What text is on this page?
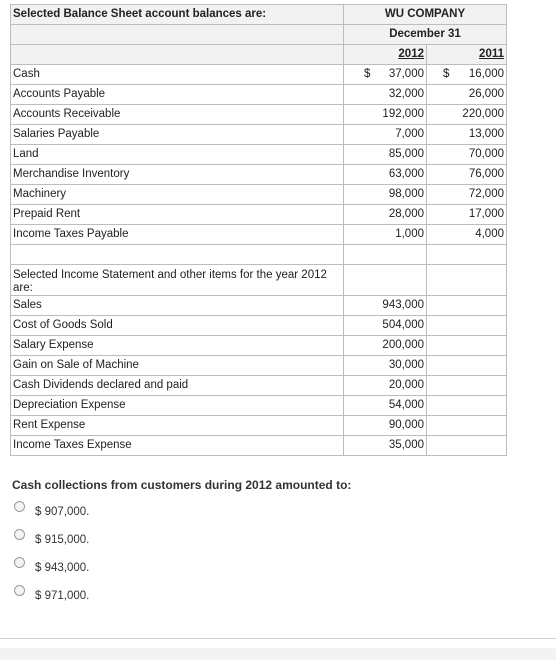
Selected Balance Sheet account balances are:	WU COMPANY	
	December 31	
	2012	2011
Cash	$ 37,000	$ 16,000
Accounts Payable	32,000	26,000
Accounts Receivable	192,000	220,000
Salaries Payable	7,000	13,000
Land	85,000	70,000
Merchandise Inventory	63,000	76,000
Machinery	98,000	72,000
Prepaid Rent	28,000	17,000
Income Taxes Payable	1,000	4,000

Selected Income Statement and other items for the year 2012 are:		
Sales	943,000	
Cost of Goods Sold	504,000	
Salary Expense	200,000	
Gain on Sale of Machine	30,000	
Cash Dividends declared and paid	20,000	
Depreciation Expense	54,000	
Rent Expense	90,000	
Income Taxes Expense	35,000	
Cash collections from customers during 2012 amounted to:
$ 907,000.
$ 915,000.
$ 943,000.
$ 971,000.
